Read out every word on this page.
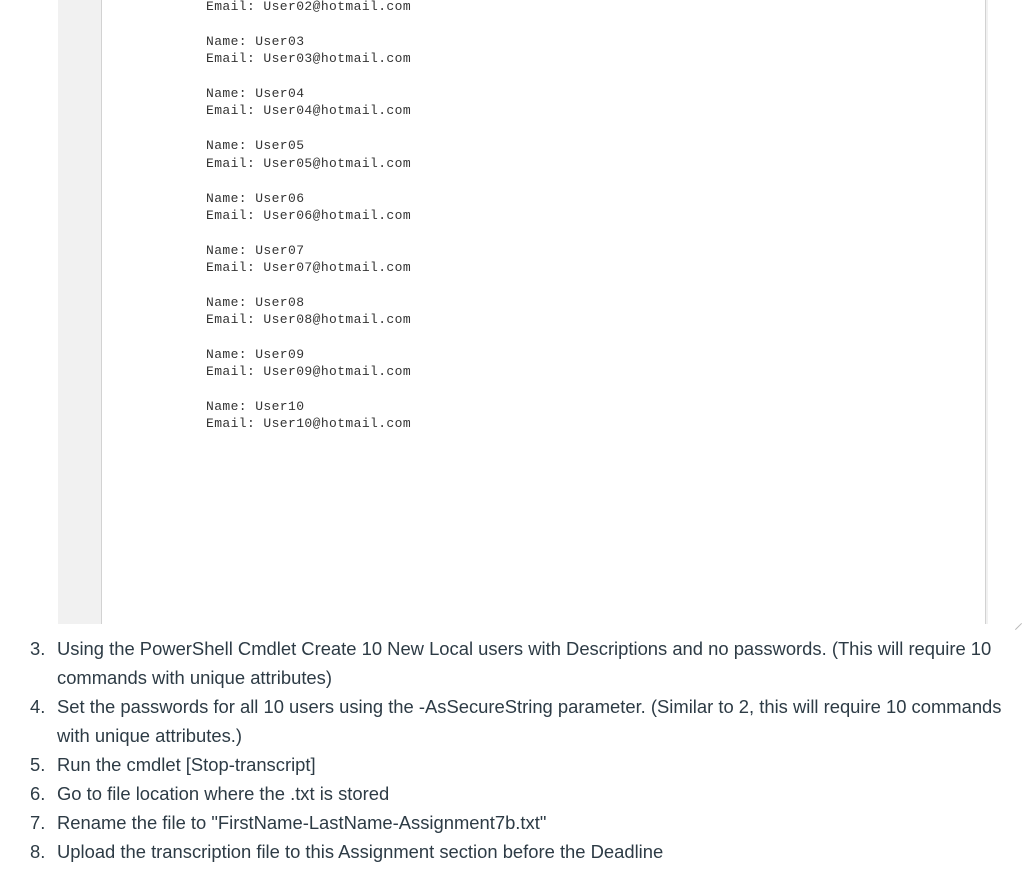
Email: User02@hotmail.com
Name: User03
Email: User03@hotmail.com
Name: User04
Email: User04@hotmail.com
Name: User05
Email: User05@hotmail.com
Name: User06
Email: User06@hotmail.com
Name: User07
Email: User07@hotmail.com
Name: User08
Email: User08@hotmail.com
Name: User09
Email: User09@hotmail.com
Name: User10
Email: User10@hotmail.com
3. Using the PowerShell Cmdlet Create 10 New Local users with Descriptions and no passwords. (This will require 10 commands with unique attributes)
4. Set the passwords for all 10 users using the -AsSecureString parameter. (Similar to 2, this will require 10 commands with unique attributes.)
5. Run the cmdlet [Stop-transcript]
6. Go to file location where the .txt is stored
7. Rename the file to "FirstName-LastName-Assignment7b.txt"
8. Upload the transcription file to this Assignment section before the Deadline
